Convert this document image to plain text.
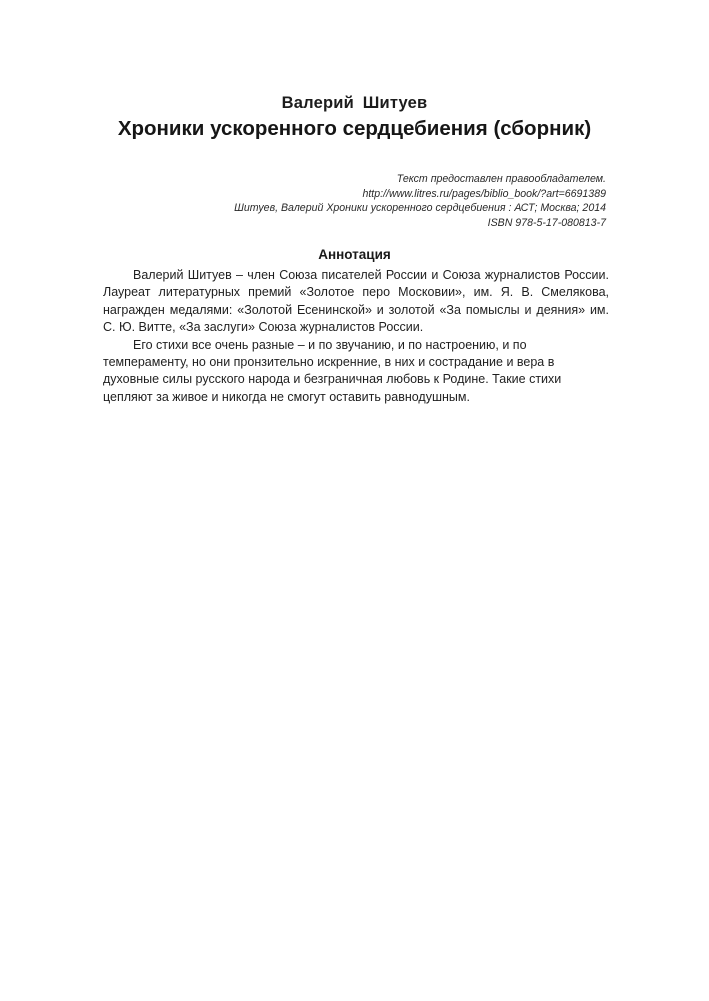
Валерий Шитуев
Хроники ускоренного сердцебиения (сборник)
Текст предоставлен правообладателем.
http://www.litres.ru/pages/biblio_book/?art=6691389
Шитуев, Валерий Хроники ускоренного сердцебиения : АСТ; Москва; 2014
ISBN 978-5-17-080813-7
Аннотация

Валерий Шитуев – член Союза писателей России и Союза журналистов России. Лауреат литературных премий «Золотое перо Московии», им. Я. В. Смелякова, награжден медалями: «Золотой Есенинской» и золотой «За помыслы и деяния» им. С. Ю. Витте, «За заслуги» Союза журналистов России.

Его стихи все очень разные – и по звучанию, и по настроению, и по темпераменту, но они пронзительно искренние, в них и сострадание и вера в духовные силы русского народа и безграничная любовь к Родине. Такие стихи цепляют за живое и никогда не смогут оставить равнодушным.
